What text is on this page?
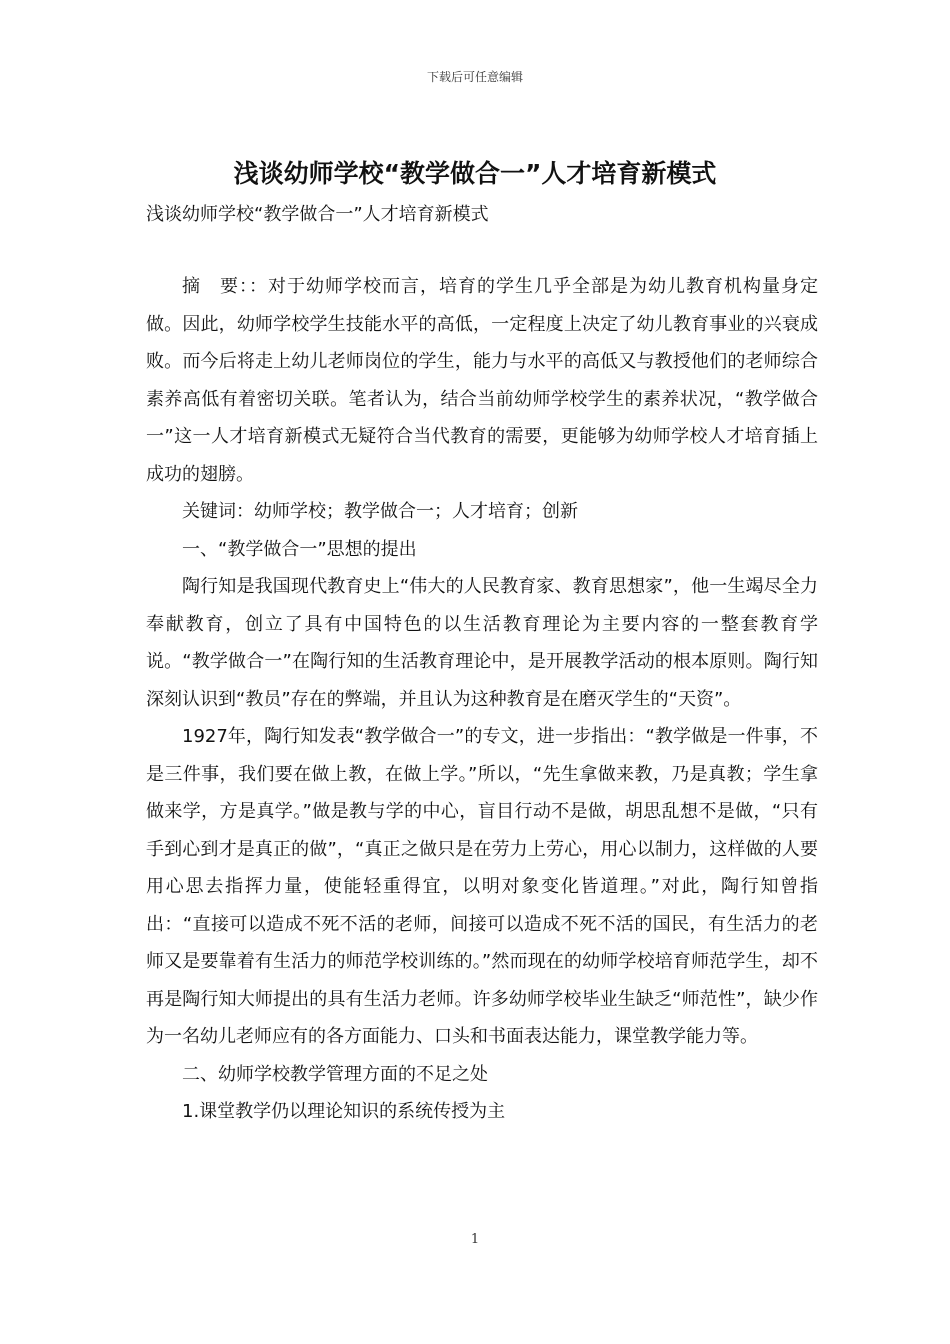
下载后可任意编辑
浅谈幼师学校“教学做合一”人才培育新模式
浅谈幼师学校“教学做合一”人才培育新模式

摘　要：：对于幼师学校而言，培育的学生几乎全部是为幼儿教育机构量身定做。因此，幼师学校学生技能水平的高低，一定程度上决定了幼儿教育事业的兴衰成败。而今后将走上幼儿老师岗位的学生，能力与水平的高低又与教授他们的老师综合素养高低有着密切关联。笔者认为，结合当前幼师学校学生的素养状况，“教学做合一”这一人才培育新模式无疑符合当代教育的需要，更能够为幼师学校人才培育插上成功的翅膀。

关键词：幼师学校；教学做合一；人才培育；创新

一、“教学做合一”思想的提出

陶行知是我国现代教育史上“伟大的人民教育家、教育思想家”，他一生竭尽全力奉献教育，创立了具有中国特色的以生活教育理论为主要内容的一整套教育学说。“教学做合一”在陶行知的生活教育理论中，是开展教学活动的根本原则。陶行知深刻认识到“教员”存在的弊端，并且认为这种教育是在磨灭学生的“天资”。

1927年，陶行知发表“教学做合一”的专文，进一步指出：“教学做是一件事，不是三件事，我们要在做上教，在做上学。”所以，“先生拿做来教，乃是真教；学生拿做来学，方是真学。”做是教与学的中心，盲目行动不是做，胡思乱想不是做，“只有手到心到才是真正的做”，“真正之做只是在劳力上劳心，用心以制力，这样做的人要用心思去指挥力量，使能轻重得宜，以明对象变化皆道理。”对此，陶行知曾指出：“直接可以造成不死不活的老师，间接可以造成不死不活的国民，有生活力的老师又是要靠着有生活力的师范学校训练的。”然而现在的幼师学校培育师范学生，却不再是陶行知大师提出的具有生活力老师。许多幼师学校毕业生缺乏“师范性”，缺少作为一名幼儿老师应有的各方面能力、口头和书面表达能力，课堂教学能力等。

二、幼师学校教学管理方面的不足之处

1.课堂教学仍以理论知识的系统传授为主

1
